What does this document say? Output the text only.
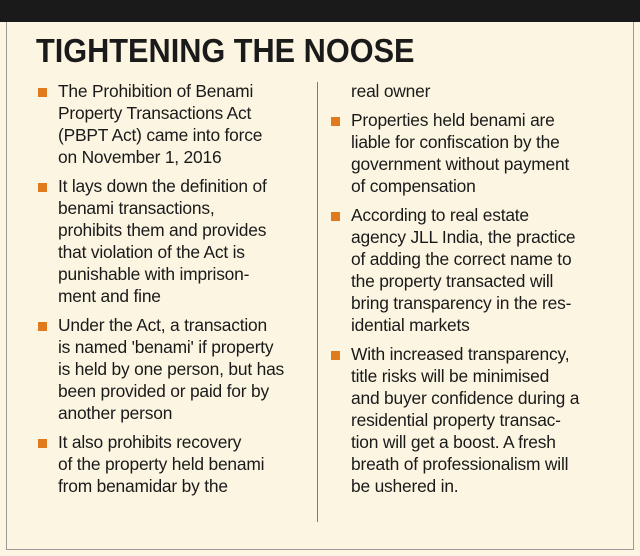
TIGHTENING THE NOOSE
The Prohibition of Benami
Property Transactions Act
(PBPT Act) came into force
on November 1, 2016
It lays down the definition of
benami transactions,
prohibits them and provides
that violation of the Act is
punishable with imprison-
ment and fine
Under the Act, a transaction
is named 'benami' if property
is held by one person, but has
been provided or paid for by
another person
It also prohibits recovery
of the property held benami
from benamidar by the
real owner
Properties held benami are
liable for confiscation by the
government without payment
of compensation
According to real estate
agency JLL India, the practice
of adding the correct name to
the property transacted will
bring transparency in the res-
idential markets
With increased transparency,
title risks will be minimised
and buyer confidence during a
residential property transac-
tion will get a boost. A fresh
breath of professionalism will
be ushered in.
